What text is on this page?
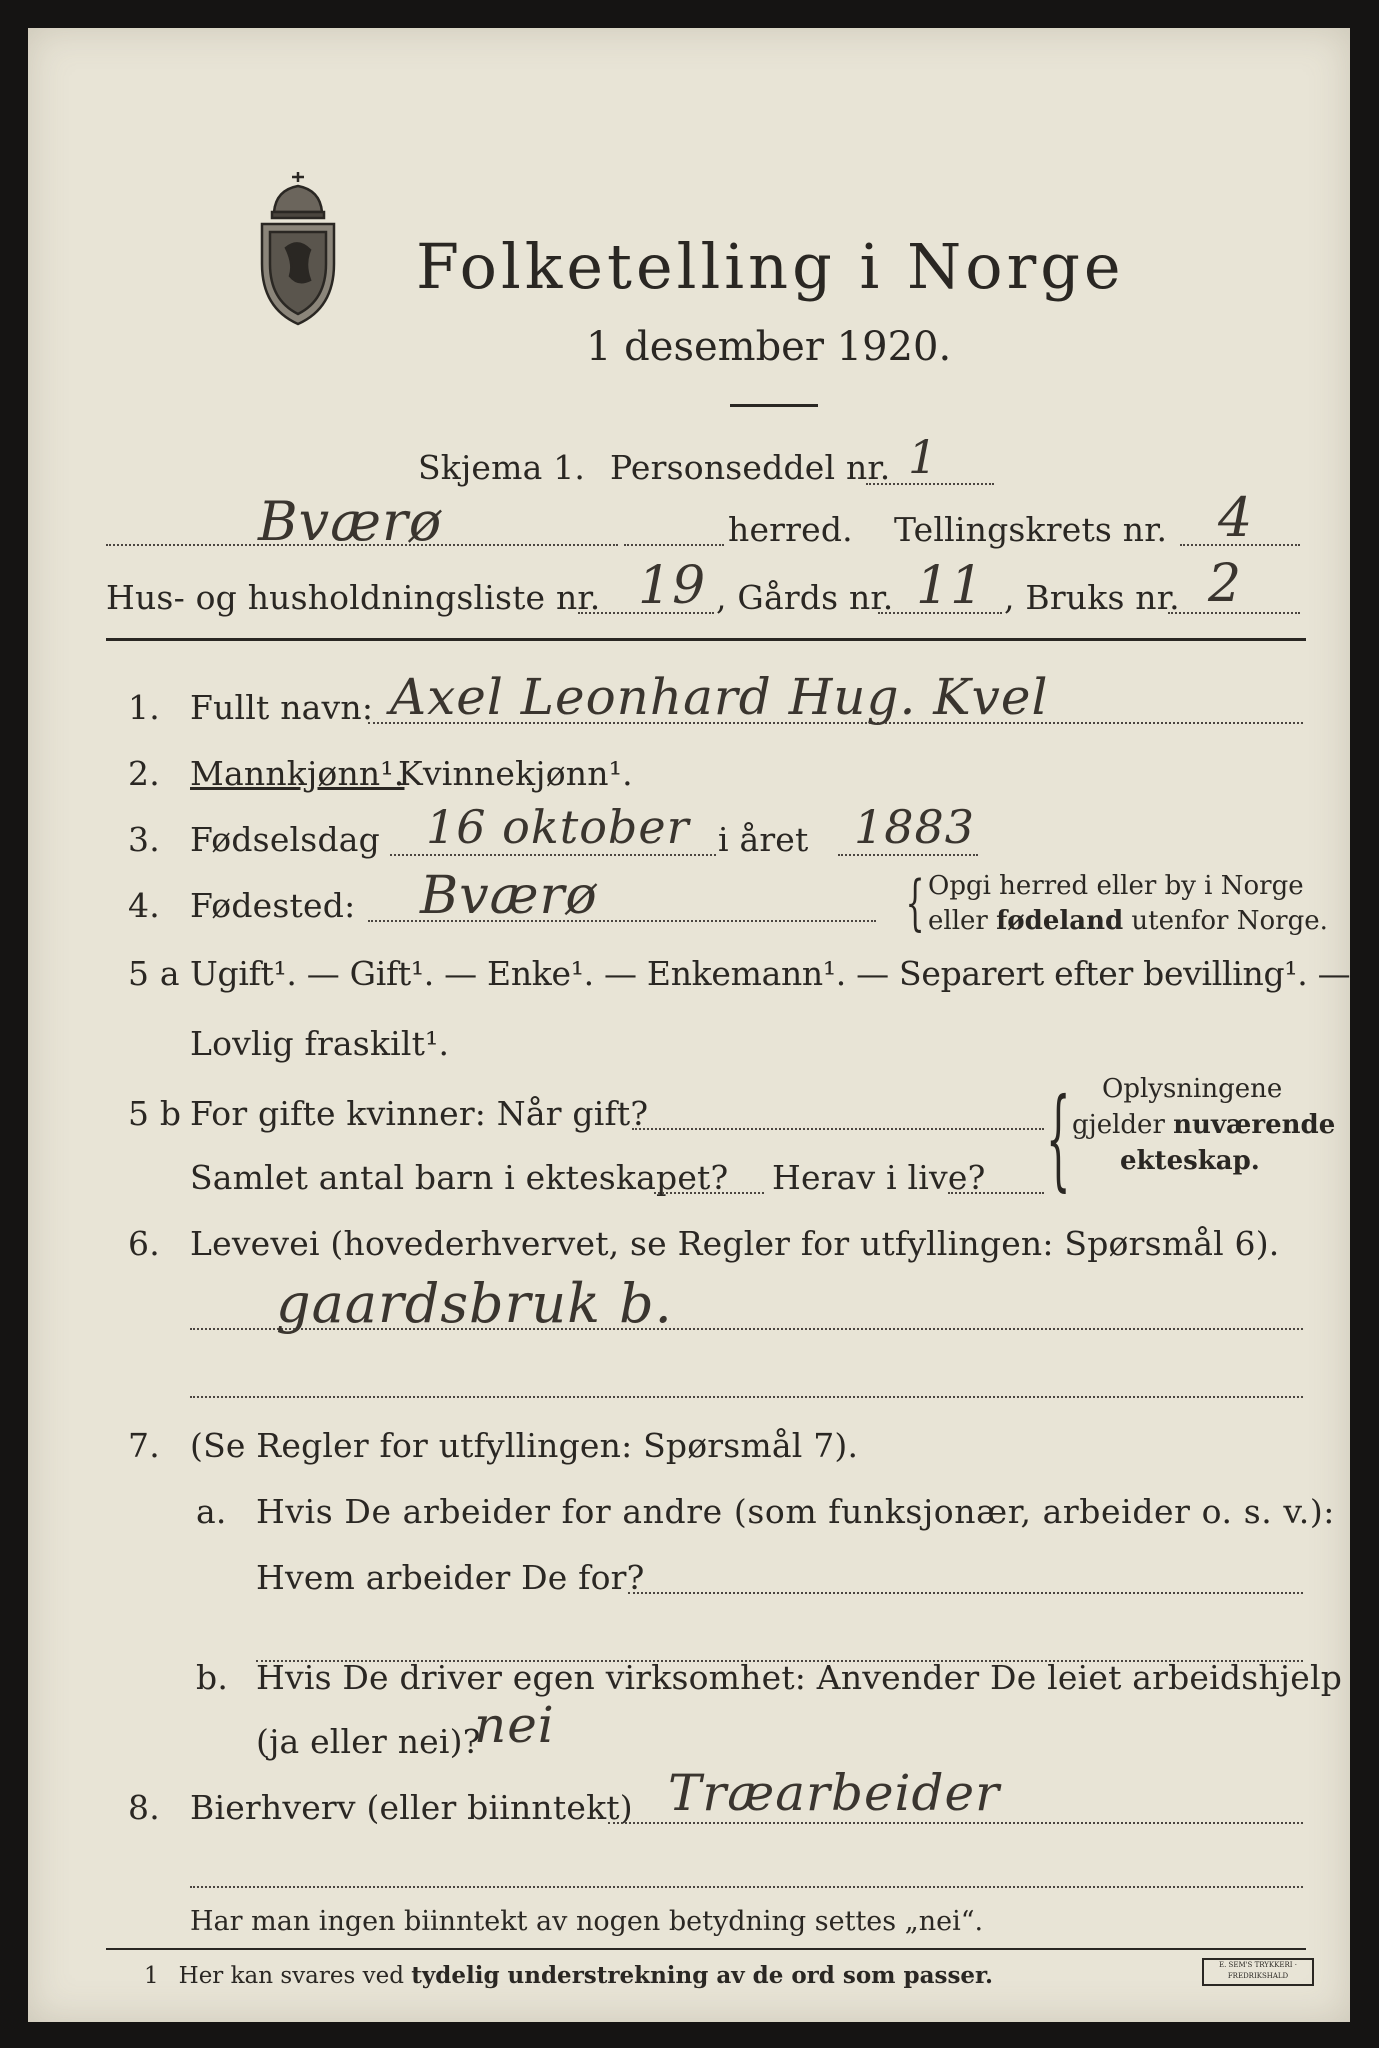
Folketelling i Norge
1 desember 1920.
Skjema 1. Personseddel nr. 1
Bværø	herred. Tellingskrets nr. 4
Hus- og husholdningsliste nr. 19 , Gårds nr. 11 , Bruks nr. 2
1. Fullt navn: Axel Leonhard Hug. Kvel
2. Mannkjønn¹.
Kvinnekjønn¹.
3. Fødselsdag 16 oktober i året 1883
4. Fødested: Bværø	{ Opgi herred eller by i Norge
eller fødeland utenfor Norge.
5 a Ugift¹. — Gift¹. — Enke¹. — Enkemann¹. — Separert efter bevilling¹. —
Lovlig fraskilt¹.
5 b For gifte kvinner: Når gift?
Samlet antal barn i ekteskapet? Herav i live? { Oplysningene
gjelder nuværende
ekteskap.
6. Levevei (hovederhvervet, se Regler for utfyllingen: Spørsmål 6).
gaardsbruk b.
7. (Se Regler for utfyllingen: Spørsmål 7).
a. Hvis De arbeider for andre (som funksjonær, arbeider o. s. v.):
Hvem arbeider De for?
b. Hvis De driver egen virksomhet: Anvender De leiet arbeidshjelp
(ja eller nei)?
nei
8. Bierhverv (eller biinntekt) Træarbeider
Har man ingen biinntekt av nogen betydning settes „nei“.
1 Her kan svares ved tydelig understrekning av de ord som passer.	E. SEM'S TRYKKERI · FREDRIKSHALD
